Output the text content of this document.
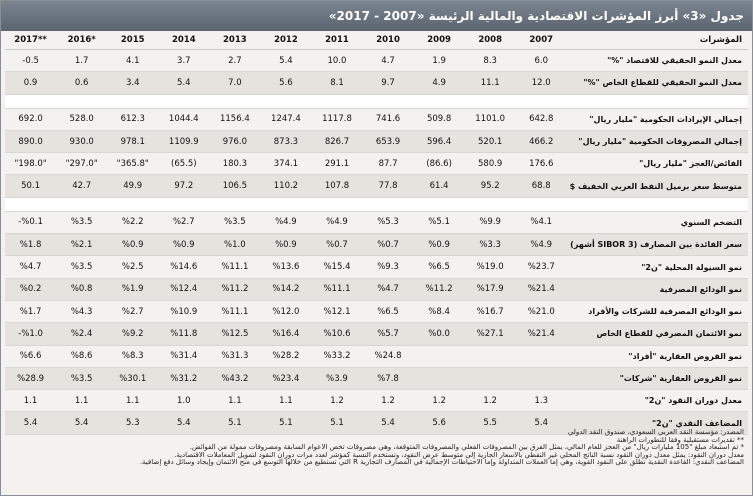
جدول «3» أبرز المؤشرات الاقتصادية والمالية الرئيسة «2007 - 2017»
المؤشرات	2007	2008	2009	2010	2011	2012	2013	2014	2015	*2016	**2017
معدل النمو الحقيقي للاقتصاد "%"	6.0	8.3	1.9	4.7	10.0	5.4	2.7	3.7	4.1	1.7	0.5-
معدل النمو الحقيقي للقطاع الخاص "%"	12.0	11.1	4.9	9.7	8.1	5.6	7.0	5.4	3.4	0.6	0.9

إجمالي الإيرادات الحكومية "مليار ريال"	642.8	1101.0	509.8	741.6	1117.8	1247.4	1156.4	1044.4	612.3	528.0	692.0
إجمالي المصروفات الحكومية "مليار ريال"	466.2	520.1	596.4	653.9	826.7	873.3	976.0	1109.9	978.1	930.0	890.0
الفائض/العجز "مليار ريال"	176.6	580.9	(86.6)	87.7	291.1	374.1	180.3	(65.5)	"365.8"	"297.0"	"198.0"
متوسط سعر برميل النفط العربي الخفيف $	68.8	95.2	61.4	77.8	107.8	110.2	106.5	97.2	49.9	42.7	50.1

التضخم السنوي	%4.1	%9.9	%5.1	%5.3	%4.9	%4.9	%3.5	%2.7	%2.2	%3.5	%0.1-
سعر الفائدة بين المصارف (SIBOR 3 أشهر)	%4.9	%3.3	%0.9	%0.7	%0.7	%0.9	%1.0	%0.9	%0.9	%2.1	%1.8
نمو السيولة المحلية "ن2"	%23.7	%19.0	%6.5	%9.3	%15.4	%13.6	%11.1	%14.6	%2.5	%3.5	%4.7
نمو الودائع المصرفية	%21.4	%17.9	%11.2	%4.7	%11.1	%14.2	%11.2	%12.4	%1.9	%0.8	%0.2
نمو الودائع المصرفية للشركات والأفراد	%21.0	%16.7	%8.4	%6.5	%12.1	%12.0	%11.1	%10.9	%2.7	%4.3	%1.7
نمو الائتمان المصرفي للقطاع الخاص	%21.4	%27.1	%0.0	%5.7	%10.6	%16.4	%12.5	%11.8	%9.2	%2.4	%1.0-
نمو القروض العقارية "أفراد"				%24.8	%33.2	%28.2	%31.3	%31.4	%8.3	%8.6	%6.6
نمو القروض العقارية "شركات"				%7.8	%3.9	%23.4	%43.2	%31.2	%30.1	%3.5	%28.9
معدل دوران النقود "ن2"	1.3	1.2	1.2	1.2	1.2	1.1	1.1	1.0	1.1	1.1	1.1
المضاعف النقدي "ن2"	5.4	5.5	5.6	5.4	5.1	5.1	5.1	5.4	5.3	5.4	5.4
المصدر: مؤسسة النقد العربي السعودي، صندوق النقد الدولي
** تقديرات مستقبلية وفقا للتطورات الراهنة
* تم استبعاد مبلغ "105 مليارات ريال" من العجز للعام المالي، يمثل الفرق بين المصروفات الفعلي والمصروفات المتوقعة، وهي مصروفات تخص الأعوام السابقة ومصروفات ممولة من الفوائض.
معدل دوران النقود: يمثل معدل دوران النقود نسبة الناتج المحلي غير النفطي بالأسعار الجارية إلى متوسط عرض النقود، وتستخدم النسبة كمؤشر لعدد مرات دوران النقود لتمويل المعاملات الاقتصادية.
المضاعف النقدي: القاعدة النقدية تطلق على النقود القوية، وهي إما العملات المتداولة وإما الاحتياطات الإجمالية في المصارف التجارية R التي تستطيع من خلالها التوسع في منح الائتمان وإيجاد وسائل دفع إضافية.
